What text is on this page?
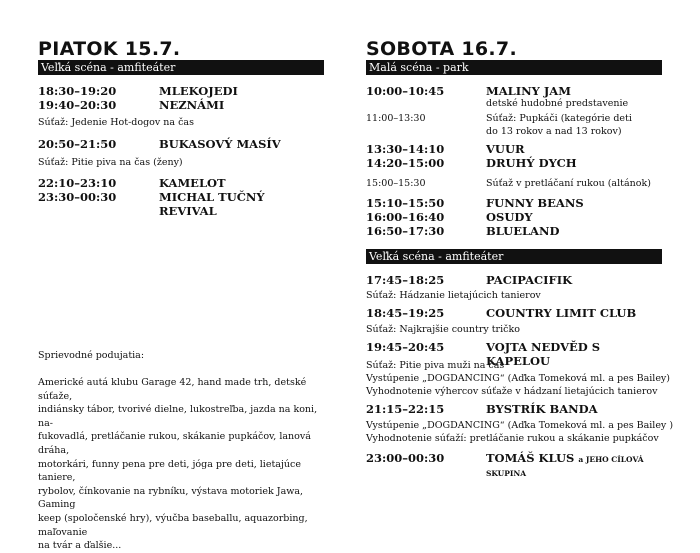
PIATOK 15.7.
Veľká scéna - amfiteáter
18:30–19:20	MLEKOJEDI
19:40–20:30	NEZNÁMI
Súťaž: Jedenie Hot-dogov na čas
20:50–21:50	BUKASOVÝ MASÍV
Súťaž: Pitie piva na čas (ženy)
22:10–23:10	KAMELOT
23:30–00:30	MICHAL TUČNÝ REVIVAL
Sprievodné podujatia:

Americké autá klubu Garage 42, hand made trh, detské súťaže,

indiánsky tábor, tvorivé dielne, lukostreľba, jazda na koni, na-

fukovadlá, pretláčanie rukou, skákanie pupkáčov, lanová dráha,

motorkári, funny pena pre deti, jóga pre deti, lietajúce taniere,

rybolov, čínkovanie na rybníku, výstava motoriek Jawa, Gaming

keep (spoločenské hry), výučba baseballu, aquazorbing, maľovanie

na tvár a ďalšie...

SOBOTA 16.7.
Malá scéna - park
10:00–10:45	MALINY JAM
detské hudobné predstavenie
11:00–13:30	Súťaž: Pupkáči (kategórie deti
do 13 rokov a nad 13 rokov)
13:30–14:10	VUUR
14:20–15:00	DRUHÝ DYCH
15:00–15:30	Súťaž v pretláčaní rukou (altánok)
15:10–15:50	FUNNY BEANS
16:00–16:40	OSUDY
16:50–17:30	BLUELAND
Veľká scéna - amfiteáter
17:45–18:25	PACIPACIFIK
Súťaž: Hádzanie lietajúcich tanierov
18:45–19:25	COUNTRY LIMIT CLUB
Súťaž: Najkrajšie country tričko
19:45–20:45	VOJTA NEDVĚD S KAPELOU
Súťaž: Pitie piva muži na čas
Vystúpenie „DOGDANCING“ (Aďka Tomeková ml. a pes Bailey)
Vyhodnotenie výhercov súťaže v hádzaní lietajúcich tanierov
21:15–22:15	BYSTRÍK BANDA
Vystúpenie „DOGDANCING“ (Aďka Tomeková ml. a pes Bailey )
Vyhodnotenie súťaží: pretláčanie rukou a skákanie pupkáčov
23:00–00:30	TOMÁŠ KLUS a JEHO CÍLOVÁ SKUPINA
